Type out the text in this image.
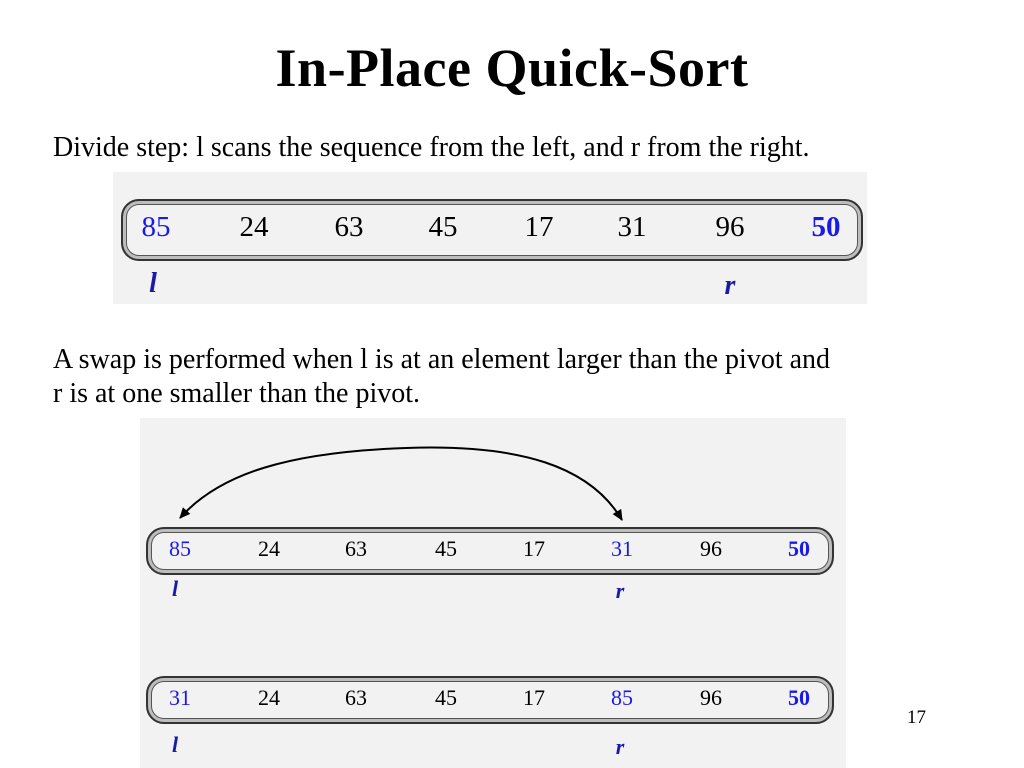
In-Place Quick-Sort

Divide step: l scans the sequence from the left, and r from the right.

85 24 63 45 17 31 96 50
l	r

A swap is performed when l is at an element larger than the pivot and
r is at one smaller than the pivot.

85	24	63	45	17	31	96	50
l	r
31	24	63	45	17	85	96	50
l	r
17
